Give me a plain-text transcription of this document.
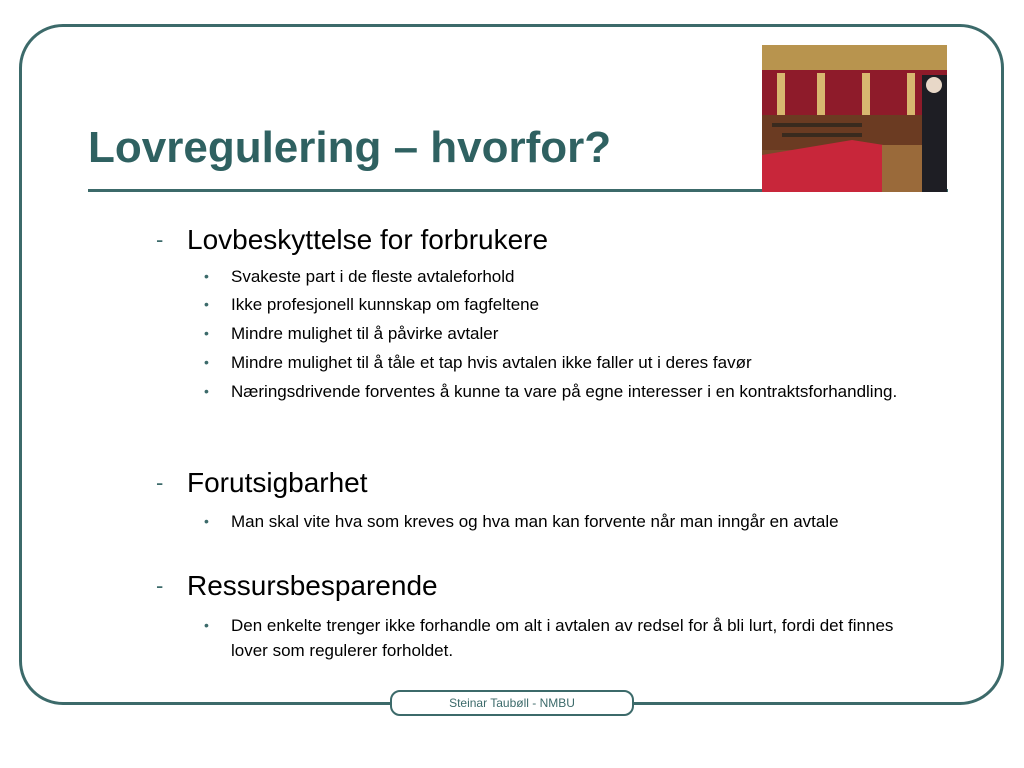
Lovregulering – hvorfor?
- Lovbeskyttelse for forbrukere
• Svakeste part i de fleste avtaleforhold
• Ikke profesjonell kunnskap om fagfeltene
• Mindre mulighet til å påvirke avtaler
• Mindre mulighet til å tåle et tap hvis avtalen ikke faller ut i deres favør
• Næringsdrivende forventes å kunne ta vare på egne interesser i en kontraktsforhandling.
- Forutsigbarhet
• Man skal vite hva som kreves og hva man kan forvente når man inngår en avtale
- Ressursbesparende
• Den enkelte trenger ikke forhandle om alt i avtalen av redsel for å bli lurt, fordi det finnes lover som regulerer forholdet.
Steinar Taubøll - NMBU
